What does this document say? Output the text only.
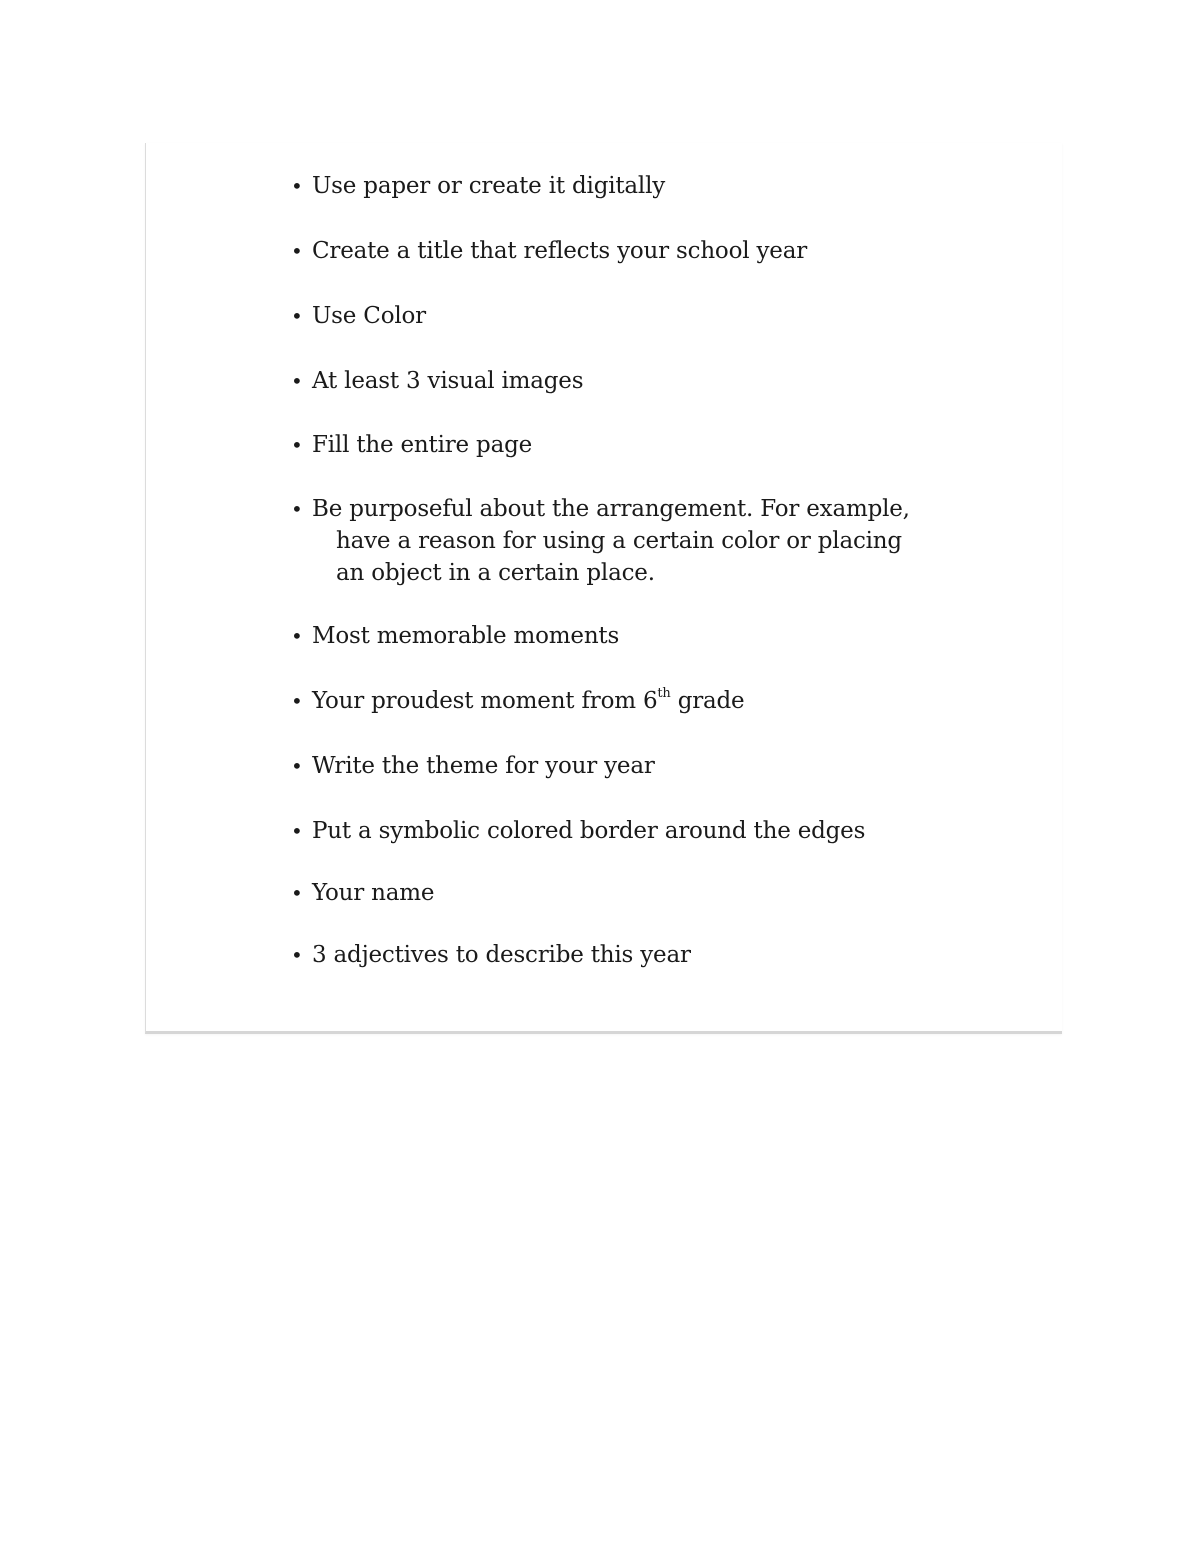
• Use paper or create it digitally
• Create a title that reflects your school year
• Use Color
• At least 3 visual images
• Fill the entire page
• Be purposeful about the arrangement. For example,
have a reason for using a certain color or placing
an object in a certain place.
• Most memorable moments
• Your proudest moment from 6th grade
• Write the theme for your year
• Put a symbolic colored border around the edges
• Your name
• 3 adjectives to describe this year
